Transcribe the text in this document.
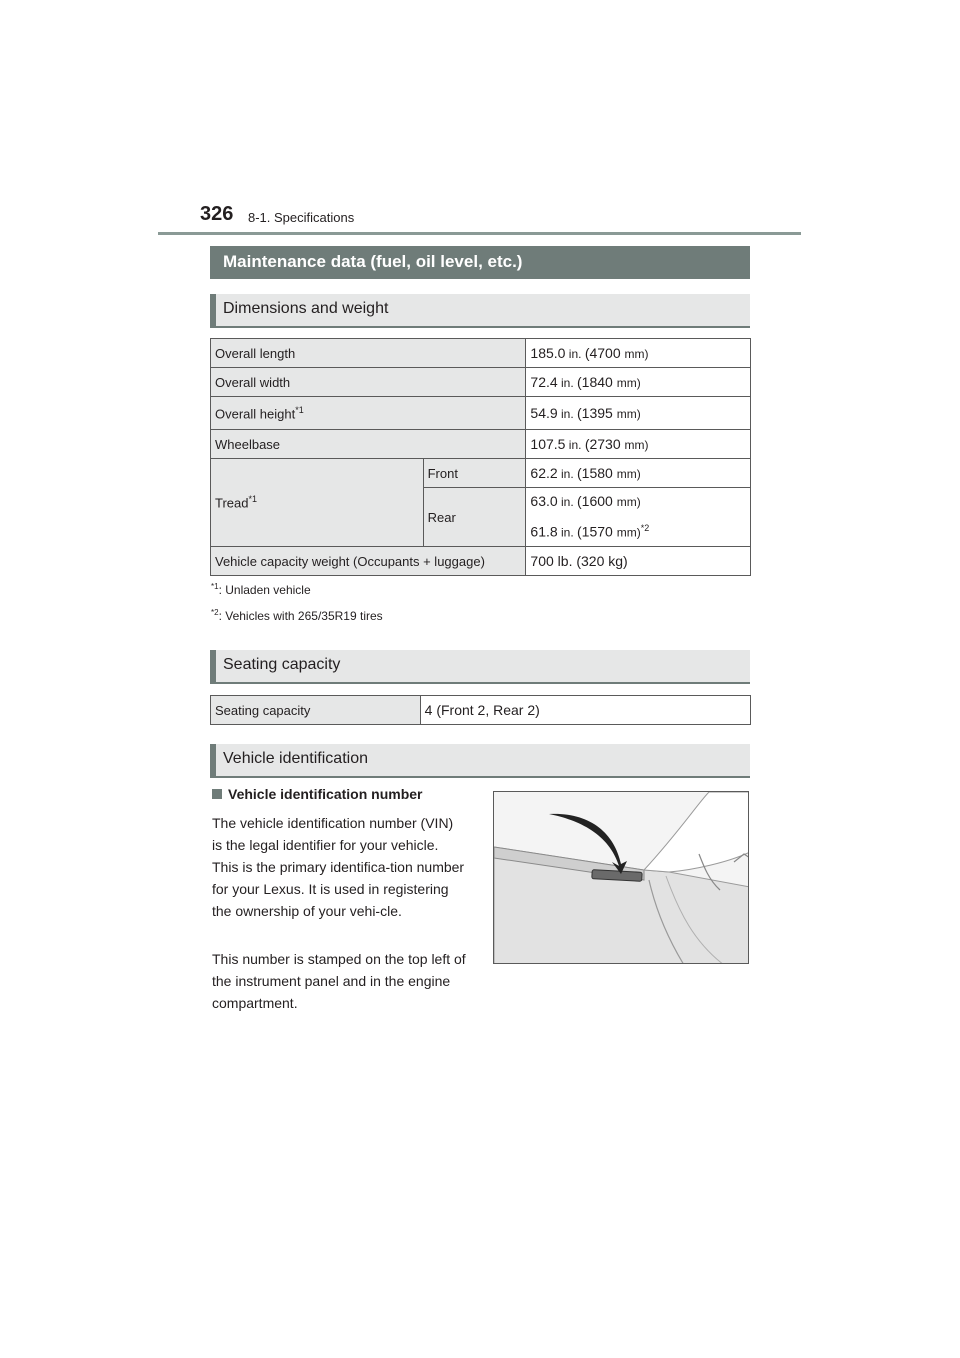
326 8-1. Specifications
Maintenance data (fuel, oil level, etc.)
Dimensions and weight
Overall length		185.0 in. (4700 mm)
Overall width		72.4 in. (1840 mm)
Overall height$^{*1}$		54.9 in. (1395 mm)
Wheelbase		107.5 in. (2730 mm)
Tread$^{*1}$	Front	62.2 in. (1580 mm)
	Rear	63.0 in. (1600 mm)
61.8 in. (1570 mm)$^{*2}$

Vehicle capacity weight (Occupants + luggage)		700 lb. (320 kg)
$^{*1}$: Unladen vehicle
$^{*2}$: Vehicles with 265/35R19 tires
Seating capacity
Seating capacity	4 (Front 2, Rear 2)
Vehicle identification
Vehicle identification number
The vehicle identification number (VIN) is the legal identifier for your vehicle. This is the primary identifica-tion number for your Lexus. It is used in registering the ownership of your vehi-cle.
This number is stamped on the top left of the instrument panel and in the engine compartment.
